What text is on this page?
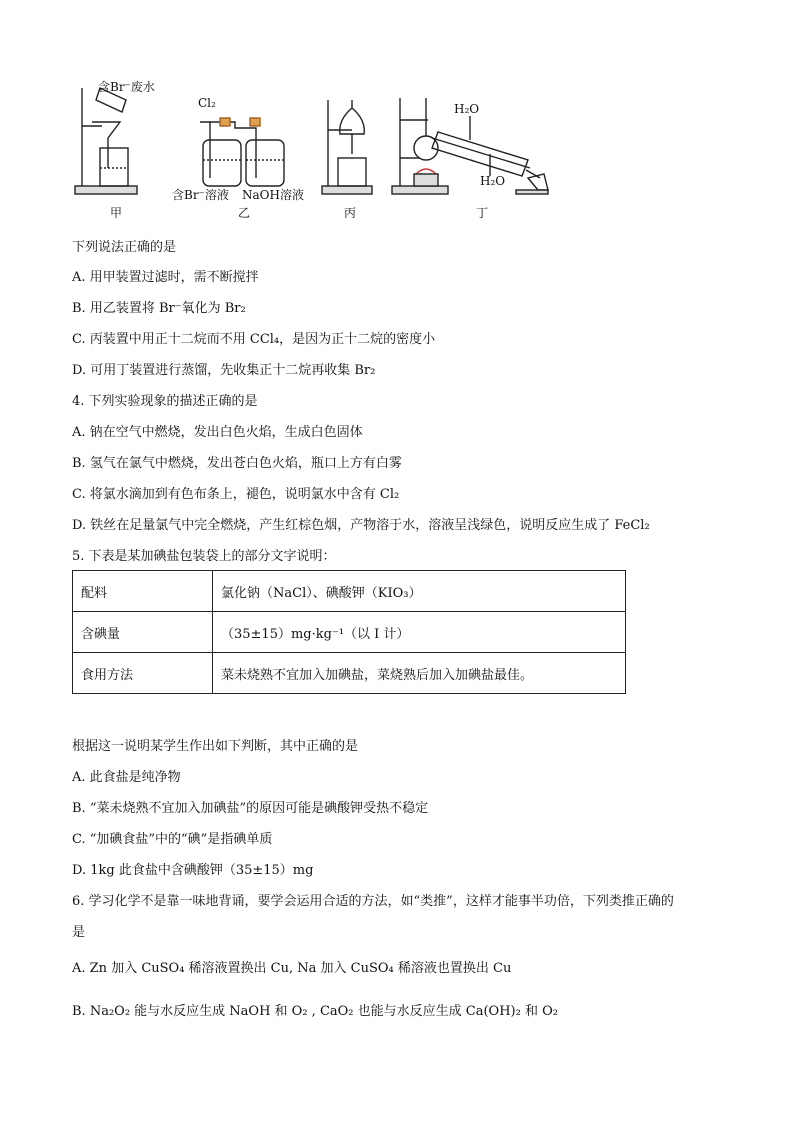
含Br⁻废水
Cl₂
含Br⁻溶液 NaOH溶液
H₂O
H₂O
甲	乙	丙	丁
下列说法正确的是
A. 用甲装置过滤时，需不断搅拌
B. 用乙装置将 Br⁻氧化为 Br₂
C. 丙装置中用正十二烷而不用 CCl₄，是因为正十二烷的密度小
D. 可用丁装置进行蒸馏，先收集正十二烷再收集 Br₂
4. 下列实验现象的描述正确的是
A. 钠在空气中燃烧，发出白色火焰，生成白色固体
B. 氢气在氯气中燃烧，发出苍白色火焰，瓶口上方有白雾
C. 将氯水滴加到有色布条上，褪色，说明氯水中含有 Cl₂
D. 铁丝在足量氯气中完全燃烧，产生红棕色烟，产物溶于水，溶液呈浅绿色，说明反应生成了 FeCl₂
5. 下表是某加碘盐包装袋上的部分文字说明：
配料	氯化钠（NaCl）、碘酸钾（KIO₃）
含碘量	（35±15）mg·kg⁻¹（以 I 计）
食用方法	菜未烧熟不宜加入加碘盐，菜烧熟后加入加碘盐最佳。
根据这一说明某学生作出如下判断，其中正确的是
A. 此食盐是纯净物
B. “菜未烧熟不宜加入加碘盐”的原因可能是碘酸钾受热不稳定
C. “加碘食盐”中的“碘”是指碘单质
D. 1kg 此食盐中含碘酸钾（35±15）mg
6. 学习化学不是靠一味地背诵，要学会运用合适的方法，如“类推”，这样才能事半功倍，下列类推正确的
是
A. Zn 加入 CuSO₄ 稀溶液置换出 Cu, Na 加入 CuSO₄ 稀溶液也置换出 Cu
B. Na₂O₂ 能与水反应生成 NaOH 和 O₂ , CaO₂ 也能与水反应生成 Ca(OH)₂ 和 O₂
